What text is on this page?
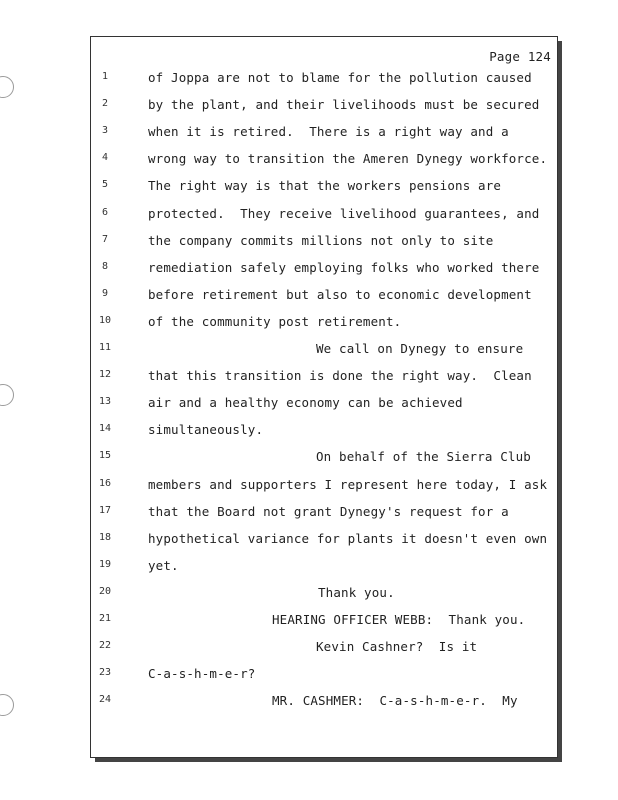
Page 124
1	of Joppa are not to blame for the pollution caused
2	by the plant, and their livelihoods must be secured
3	when it is retired.  There is a right way and a
4	wrong way to transition the Ameren Dynegy workforce.
5	The right way is that the workers pensions are
6	protected.  They receive livelihood guarantees, and
7	the company commits millions not only to site
8	remediation safely employing folks who worked there
9	before retirement but also to economic development
10	of the community post retirement.
11	We call on Dynegy to ensure
12	that this transition is done the right way.  Clean
13	air and a healthy economy can be achieved
14	simultaneously.
15	On behalf of the Sierra Club
16	members and supporters I represent here today, I ask
17	that the Board not grant Dynegy's request for a
18	hypothetical variance for plants it doesn't even own
19	yet.
20	Thank you.
21	HEARING OFFICER WEBB:  Thank you.
22	Kevin Cashner?  Is it
23	C-a-s-h-m-e-r?
24	MR. CASHMER:  C-a-s-h-m-e-r.  My
